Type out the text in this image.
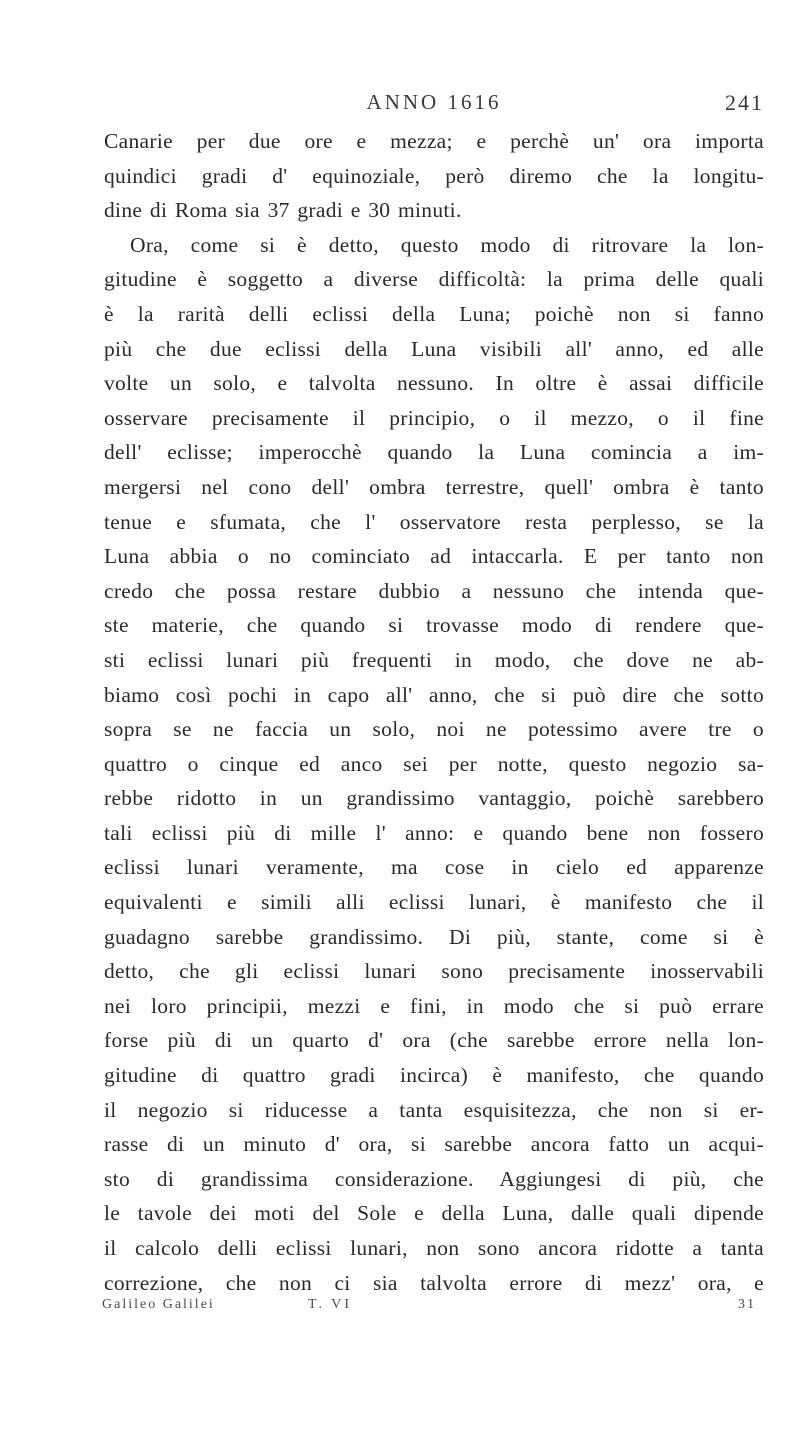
ANNO 1616	241
Canarie per due ore e mezza; e perchè un' ora importa
quindici gradi d' equinoziale, però diremo che la longitu-
dine di Roma sia 37 gradi e 30 minuti.
Ora, come si è detto, questo modo di ritrovare la lon-
gitudine è soggetto a diverse difficoltà: la prima delle quali
è la rarità delli eclissi della Luna; poichè non si fanno
più che due eclissi della Luna visibili all' anno, ed alle
volte un solo, e talvolta nessuno. In oltre è assai difficile
osservare precisamente il principio, o il mezzo, o il fine
dell' eclisse; imperocchè quando la Luna comincia a im-
mergersi nel cono dell' ombra terrestre, quell' ombra è tanto
tenue e sfumata, che l' osservatore resta perplesso, se la
Luna abbia o no cominciato ad intaccarla. E per tanto non
credo che possa restare dubbio a nessuno che intenda que-
ste materie, che quando si trovasse modo di rendere que-
sti eclissi lunari più frequenti in modo, che dove ne ab-
biamo così pochi in capo all' anno, che si può dire che sotto
sopra se ne faccia un solo, noi ne potessimo avere tre o
quattro o cinque ed anco sei per notte, questo negozio sa-
rebbe ridotto in un grandissimo vantaggio, poichè sarebbero
tali eclissi più di mille l' anno: e quando bene non fossero
eclissi lunari veramente, ma cose in cielo ed apparenze
equivalenti e simili alli eclissi lunari, è manifesto che il
guadagno sarebbe grandissimo. Di più, stante, come si è
detto, che gli eclissi lunari sono precisamente inosservabili
nei loro principii, mezzi e fini, in modo che si può errare
forse più di un quarto d' ora (che sarebbe errore nella lon-
gitudine di quattro gradi incirca) è manifesto, che quando
il negozio si riducesse a tanta esquisitezza, che non si er-
rasse di un minuto d' ora, si sarebbe ancora fatto un acqui-
sto di grandissima considerazione. Aggiungesi di più, che
le tavole dei moti del Sole e della Luna, dalle quali dipende
il calcolo delli eclissi lunari, non sono ancora ridotte a tanta
correzione, che non ci sia talvolta errore di mezz' ora, e
Galileo Galilei	T. VI	31
